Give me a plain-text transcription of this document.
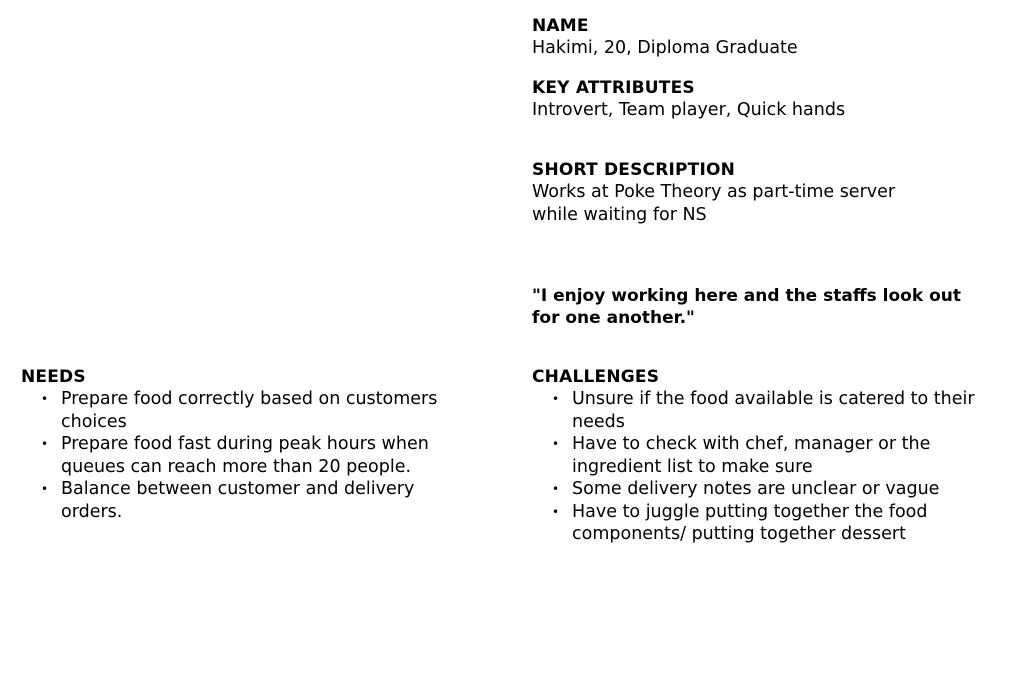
NAME

Hakimi, 20, Diploma Graduate

KEY ATTRIBUTES

Introvert, Team player, Quick hands

SHORT DESCRIPTION

Works at Poke Theory as part-time server
while waiting for NS

"I enjoy working here and the staffs look out for one another."

NEEDS

• Prepare food correctly based on customers choices
• Prepare food fast during peak hours when queues can reach more than 20 people.
• Balance between customer and delivery orders.

CHALLENGES

• Unsure if the food available is catered to their needs
• Have to check with chef, manager or the ingredient list to make sure
• Some delivery notes are unclear or vague
• Have to juggle putting together the food components/ putting together dessert
